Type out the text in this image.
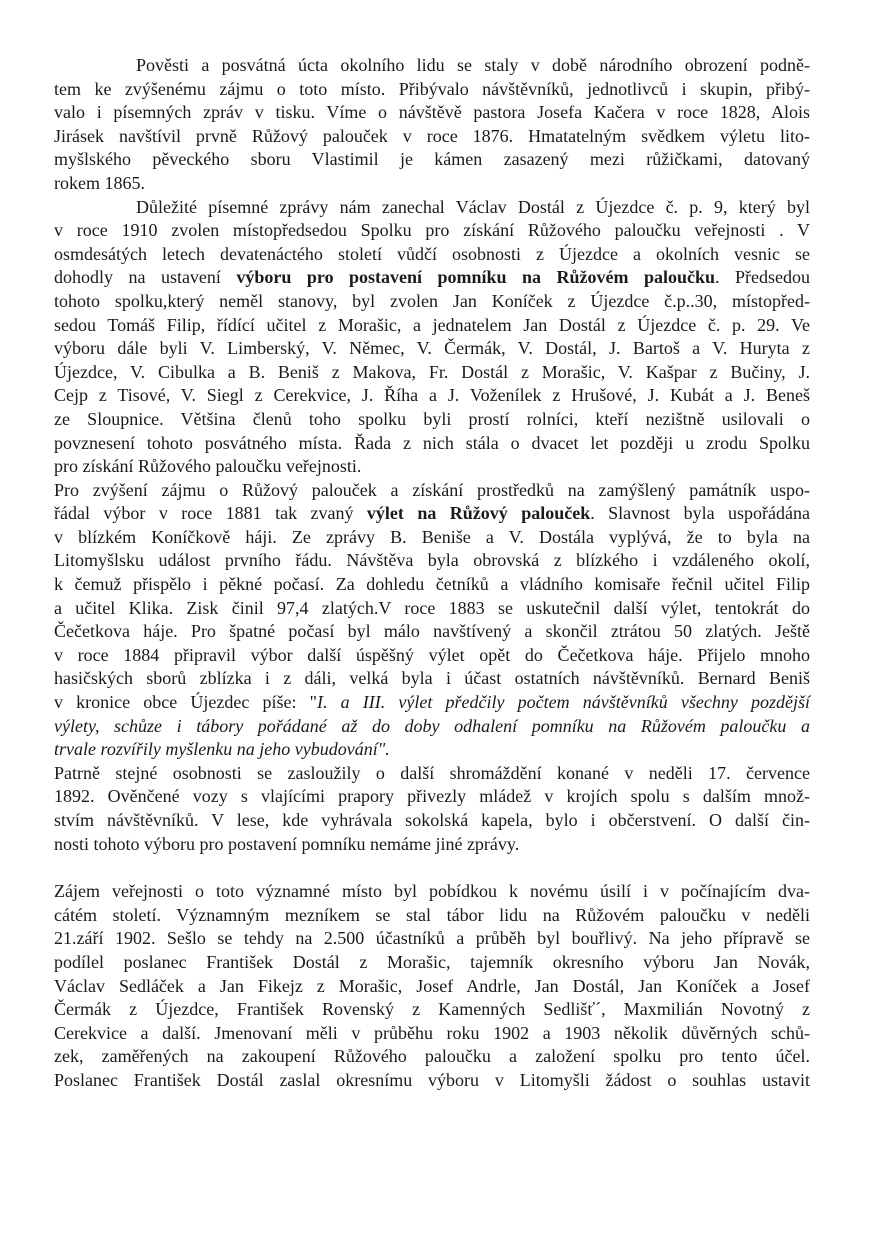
Pověsti a posvátná úcta okolního lidu se staly v době národního obrození podně-
tem ke zvýšenému zájmu o toto místo. Přibývalo návštěvníků, jednotlivců i skupin, přibý-
valo i písemných zpráv v tisku. Víme o návštěvě pastora Josefa Kačera v roce 1828, Alois
Jirásek navštívil prvně Růžový palouček v roce 1876. Hmatatelným svědkem výletu lito-
myšlského pěveckého sboru Vlastimil je kámen zasazený mezi růžičkami, datovaný
rokem 1865.
Důležité písemné zprávy nám zanechal Václav Dostál z Újezdce č. p. 9, který byl
v roce 1910 zvolen místopředsedou Spolku pro získání Růžového paloučku veřejnosti . V
osmdesátých letech devatenáctého století vůdčí osobnosti z Újezdce a okolních vesnic se
dohodly na ustavení výboru pro postavení pomníku na Růžovém paloučku. Předsedou
tohoto spolku,který neměl stanovy, byl zvolen Jan Koníček z Újezdce č.p..30, místopřed-
sedou Tomáš Filip, řídící učitel z Morašic, a jednatelem Jan Dostál z Újezdce č. p. 29. Ve
výboru dále byli V. Limberský, V. Němec, V. Čermák, V. Dostál, J. Bartoš a V. Huryta z
Újezdce, V. Cibulka a B. Beniš z Makova, Fr. Dostál z Morašic, V. Kašpar z Bučiny, J.
Cejp z Tisové, V. Siegl z Cerekvice, J. Říha a J. Voženílek z Hrušové, J. Kubát a J. Beneš
ze Sloupnice. Většina členů toho spolku byli prostí rolníci, kteří nezištně usilovali o
povznesení tohoto posvátného místa. Řada z nich stála o dvacet let později u zrodu Spolku
pro získání Růžového paloučku veřejnosti.
Pro zvýšení zájmu o Růžový palouček a získání prostředků na zamýšlený památník uspo-
řádal výbor v roce 1881 tak zvaný výlet na Růžový palouček. Slavnost byla uspořádána
v blízkém Koníčkově háji. Ze zprávy B. Beniše a V. Dostála vyplývá, že to byla na
Litomyšlsku událost prvního řádu. Návštěva byla obrovská z blízkého i vzdáleného okolí,
k čemuž přispělo i pěkné počasí. Za dohledu četníků a vládního komisaře řečnil učitel Filip
a učitel Klika. Zisk činil 97,4 zlatých.V roce 1883 se uskutečnil další výlet, tentokrát do
Čečetkova háje. Pro špatné počasí byl málo navštívený a skončil ztrátou 50 zlatých. Ještě
v roce 1884 připravil výbor další úspěšný výlet opět do Čečetkova háje. Přijelo mnoho
hasičských sborů zblízka i z dáli, velká byla i účast ostatních návštěvníků. Bernard Beniš
v kronice obce Újezdec píše: "I. a III. výlet předčily počtem návštěvníků všechny pozdější
výlety, schůze i tábory pořádané až do doby odhalení pomníku na Růžovém paloučku a
trvale rozvířily myšlenku na jeho vybudování".
Patrně stejné osobnosti se zasloužily o další shromáždění konané v neděli 17. července
1892. Ověnčené vozy s vlajícími prapory přivezly mládež v krojích spolu s dalším množ-
stvím návštěvníků. V lese, kde vyhrávala sokolská kapela, bylo i občerstvení. O další čin-
nosti tohoto výboru pro postavení pomníku nemáme jiné zprávy.
Zájem veřejnosti o toto významné místo byl pobídkou k novému úsilí i v počínajícím dva-
cátém století. Významným mezníkem se stal tábor lidu na Růžovém paloučku v neděli
21.září 1902. Sešlo se tehdy na 2.500 účastníků a průběh byl bouřlivý. Na jeho přípravě se
podílel poslanec František Dostál z Morašic, tajemník okresního výboru Jan Novák,
Václav Sedláček a Jan Fikejz z Morašic, Josef Andrle, Jan Dostál, Jan Koníček a Josef
Čermák z Újezdce, František Rovenský z Kamenných Sedlišť´, Maxmilián Novotný z
Cerekvice a další. Jmenovaní měli v průběhu roku 1902 a 1903 několik důvěrných schů-
zek, zaměřených na zakoupení Růžového paloučku a založení spolku pro tento účel.
Poslanec František Dostál zaslal okresnímu výboru v Litomyšli žádost o souhlas ustavit
